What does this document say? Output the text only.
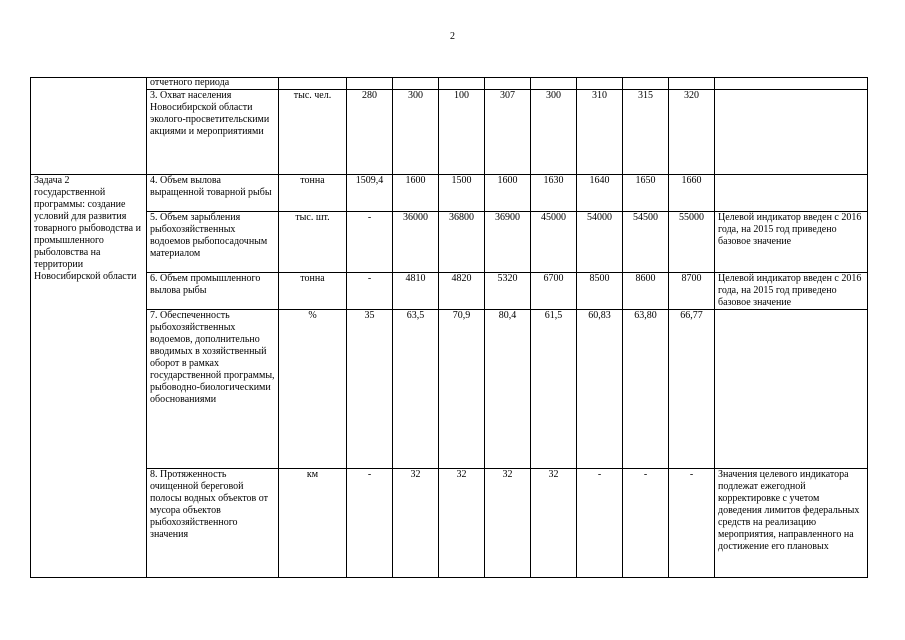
2
	отчетного периода										
	3. Охват населения Новосибирской области эколого-просветительскими акциями и мероприятиями	тыс. чел.	280	300	100	307	300	310	315	320	
Задача 2 государственной программы: создание условий для развития товарного рыбоводства и промышленного рыболовства на территории Новосибирской области	4. Объем вылова выращенной товарной рыбы	тонна	1509,4	1600	1500	1600	1630	1640	1650	1660	
	5. Объем зарыбления рыбохозяйственных водоемов рыбопосадочным материалом	тыс. шт.	-	36000	36800	36900	45000	54000	54500	55000	Целевой индикатор введен с 2016 года, на 2015 год приведено базовое значение
	6. Объем промышленного вылова рыбы	тонна	-	4810	4820	5320	6700	8500	8600	8700	Целевой индикатор введен с 2016 года, на 2015 год приведено базовое значение
	7. Обеспеченность рыбохозяйственных водоемов, дополнительно вводимых в хозяйственный оборот в рамках государственной программы, рыбоводно-биологическими обоснованиями	%	35	63,5	70,9	80,4	61,5	60,83	63,80	66,77	
	8. Протяженность очищенной береговой полосы водных объектов от мусора объектов рыбохозяйственного значения	км	-	32	32	32	32	-	-	-	Значения целевого индикатора подлежат ежегодной корректировке с учетом доведения лимитов федеральных средств на реализацию мероприятия, направленного на достижение его плановых
